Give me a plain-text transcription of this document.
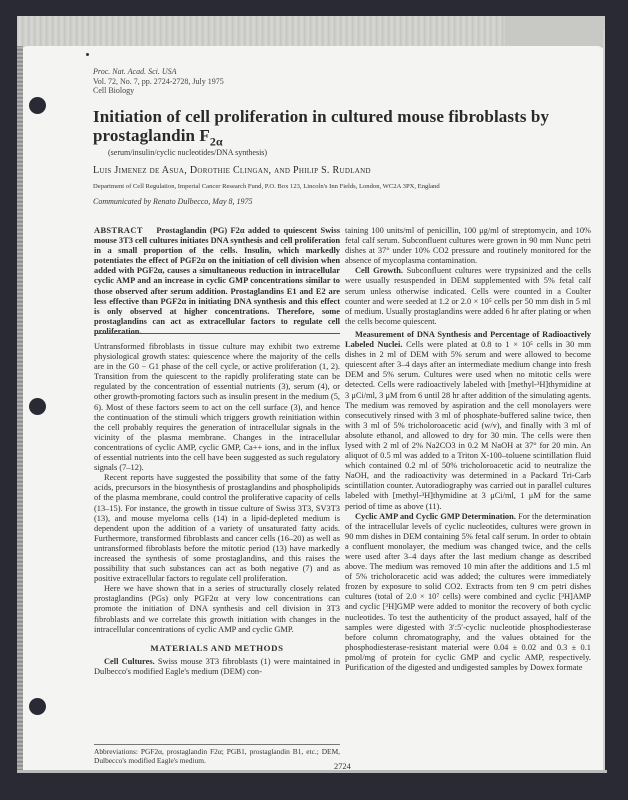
Proc. Nat. Acad. Sci. USA
Vol. 72, No. 7, pp. 2724-2728, July 1975
Cell Biology
Initiation of cell proliferation in cultured mouse fibroblasts by prostaglandin $F_{2\alpha}$
(serum/insulin/cyclic nucleotides/DNA synthesis)
Luis Jimenez de Asua, Dorothie Clingan, and Philip S. Rudland
Department of Cell Regulation, Imperial Cancer Research Fund, P.O. Box 123, Lincoln's Inn Fields, London, WC2A 3PX, England
Communicated by Renato Dulbecco, May 8, 1975
ABSTRACT Prostaglandin (PG) F2α added to quiescent Swiss mouse 3T3 cell cultures initiates DNA synthesis and cell proliferation in a small proportion of the cells. Insulin, which markedly potentiates the effect of PGF2α on the initiation of cell division when added with PGF2α, causes a simultaneous reduction in intracellular cyclic AMP and an increase in cyclic GMP concentrations similar to those observed after serum addition. Prostaglandins E1 and E2 are less effective than PGF2α in initiating DNA synthesis and this effect is only observed at higher concentrations. Therefore, some prostaglandins can act as extracellular factors to regulate cell proliferation.

Untransformed fibroblasts in tissue culture may exhibit two extreme physiological growth states: quiescence where the majority of the cells are in the G0 − G1 phase of the cell cycle, or active proliferation (1, 2). Transition from the quiescent to the rapidly proliferating state can be regulated by the concentration of essential nutrients (3), serum (4), or other growth-promoting factors such as insulin present in the medium (5, 6). Most of these factors seem to act on the cell surface (3), and hence the continuation of the stimuli which triggers growth reinitiation within the cell probably requires the generation of intracellular signals in the vicinity of the plasma membrane. Changes in the intracellular concentrations of cyclic AMP, cyclic GMP, Ca++ ions, and in the influx of essential nutrients into the cell have been suggested as such regulatory signals (7–12).

Recent reports have suggested the possibility that some of the fatty acids, precursors in the biosynthesis of prostaglandins and phospholipids of the plasma membrane, could control the proliferative capacity of cells (13–15). For instance, the growth in tissue culture of Swiss 3T3, SV3T3 (13), and mouse myeloma cells (14) in a lipid-depleted medium is dependent upon the addition of a variety of unsaturated fatty acids. Furthermore, transformed fibroblasts and cancer cells (16–20) as well as untransformed fibroblasts before the mitotic period (13) have markedly increased the synthesis of some prostaglandins, and this raises the possibility that such substances can act as both negative (7) and as positive extracellular factors to regulate cell proliferation.

Here we have shown that in a series of structurally closely related prostaglandins (PGs) only PGF2α at very low concentrations can promote the initiation of DNA synthesis and cell division in 3T3 fibroblasts and we correlate this growth initiation with changes in the intracellular concentrations of cyclic AMP and cyclic GMP.

MATERIALS AND METHODS

Cell Cultures. Swiss mouse 3T3 fibroblasts (1) were maintained in Dulbecco's modified Eagle's medium (DEM) con-

Abbreviations: PGF2α, prostaglandin F2α; PGB1, prostaglandin B1, etc.; DEM, Dulbecco's modified Eagle's medium.

taining 100 units/ml of penicillin, 100 μg/ml of streptomycin, and 10% fetal calf serum. Subconfluent cultures were grown in 90 mm Nunc petri dishes at 37° under 10% CO2 pressure and routinely monitored for the absence of mycoplasma contamination.

Cell Growth. Subconfluent cultures were trypsinized and the cells were usually resuspended in DEM supplemented with 5% fetal calf serum unless otherwise indicated. Cells were counted in a Coulter counter and were seeded at 1.2 or 2.0 × 10⁵ cells per 50 mm dish in 5 ml of medium. Usually prostaglandins were added 6 hr after plating or when the cells become quiescent.

Measurement of DNA Synthesis and Percentage of Radioactively Labeled Nuclei. Cells were plated at 0.8 to 1 × 10⁵ cells in 30 mm dishes in 2 ml of DEM with 5% serum and were allowed to become quiescent after 3–4 days after an intermediate medium change into fresh DEM and 5% serum. Cultures were used when no mitotic cells were detected. Cells were radioactively labeled with [methyl-³H]thymidine at 3 μCi/ml, 3 μM from 6 until 28 hr after addition of the simulating agents. The medium was removed by aspiration and the cell monolayers were consecutively rinsed with 3 ml of phosphate-buffered saline twice, then with 3 ml of 5% tricholoroacetic acid (w/v), and finally with 3 ml of absolute ethanol, and allowed to dry for 30 min. The cells were then lysed with 2 ml of 2% Na2CO3 in 0.2 M NaOH at 37° for 20 min. An aliquot of 0.5 ml was added to a Triton X-100–toluene scintillation fluid which contained 0.2 ml of 50% tricholoroacetic acid to neutralize the NaOH, and the radioactivity was determined in a Packard Tri-Carb scintillation counter. Autoradiography was carried out in parallel cultures labeled with [methyl-³H]thymidine at 3 μCi/ml, 1 μM for the same period of time as above (11).

Cyclic AMP and Cyclic GMP Determination. For the determination of the intracellular levels of cyclic nucleotides, cultures were grown in 90 mm dishes in DEM containing 5% fetal calf serum. In order to obtain a confluent monolayer, the medium was changed twice, and the cells were used after 3–4 days after the last medium change as described above. The medium was removed 10 min after the additions and 1.5 ml of 5% tricholoracetic acid was added; the cultures were immediately frozen by exposure to solid CO2. Extracts from ten 9 cm petri dishes cultures (total of 2.0 × 10⁷ cells) were combined and cyclic [³H]AMP and cyclic [³H]GMP were added to monitor the recovery of both cyclic nucleotides. To test the authenticity of the product assayed, half of the samples were digested with 3′:5′-cyclic nucleotide phosphodiesterase before column chromatography, and the values obtained for the phosphodiesterase-resistant material were 0.04 ± 0.02 and 0.3 ± 0.1 pmol/mg of protein for cyclic GMP and cyclic AMP, respectively. Purification of the digested and undigested samples by Dowex formate

2724
